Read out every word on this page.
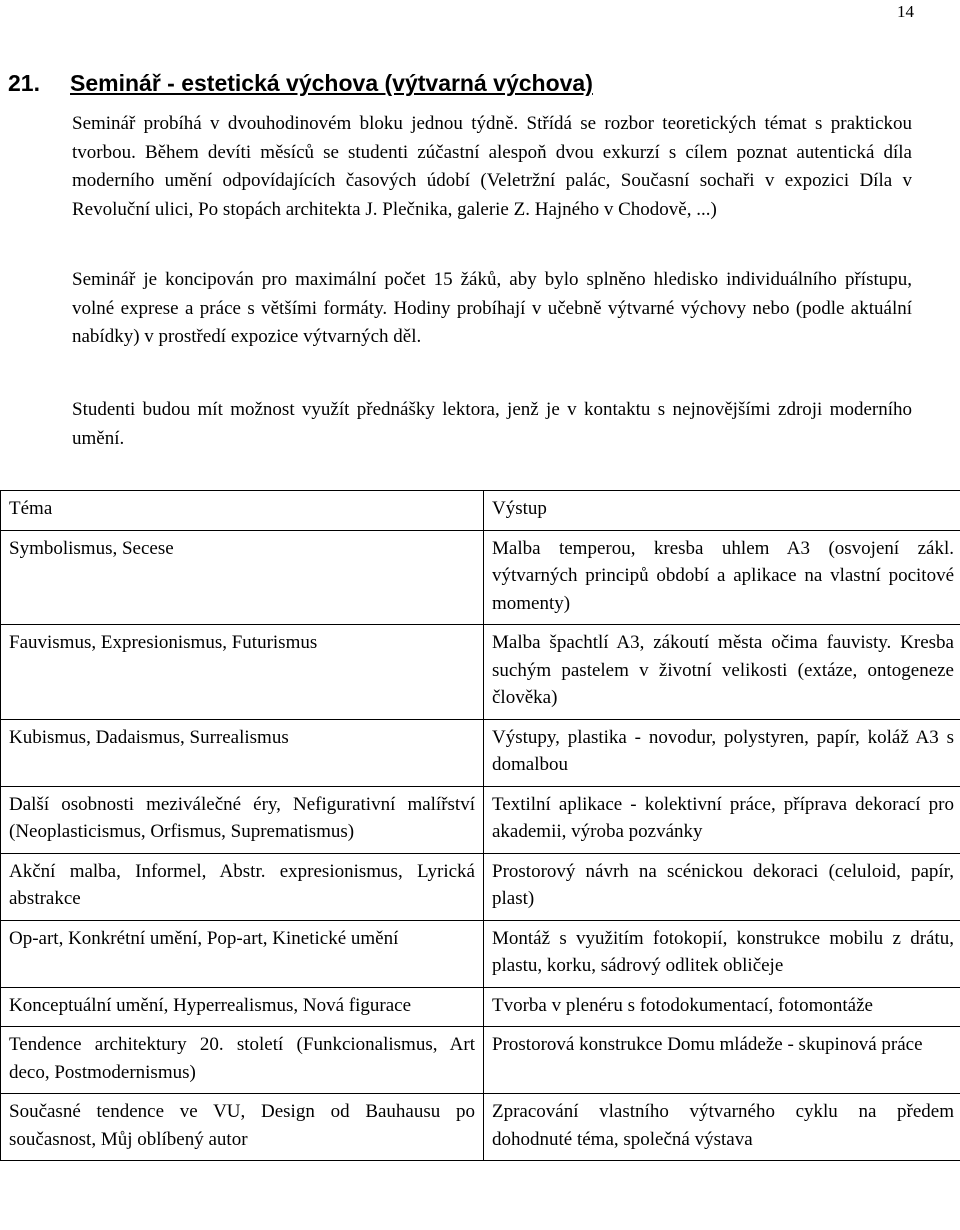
14
21. Seminář - estetická výchova (výtvarná výchova)

Seminář probíhá v dvouhodinovém bloku jednou týdně. Střídá se rozbor teoretických témat s praktickou tvorbou. Během devíti měsíců se studenti zúčastní alespoň dvou exkurzí s cílem poznat autentická díla moderního umění odpovídajících časových údobí (Veletržní palác, Současní sochaři v expozici Díla v Revoluční ulici, Po stopách architekta J. Plečnika, galerie Z. Hajného v Chodově, ...)

Seminář je koncipován pro maximální počet 15 žáků, aby bylo splněno hledisko individuálního přístupu, volné exprese a práce s většími formáty. Hodiny probíhají v učebně výtvarné výchovy nebo (podle aktuální nabídky) v prostředí expozice výtvarných děl.

Studenti budou mít možnost využít přednášky lektora, jenž je v kontaktu s nejnovějšími zdroji moderního umění.

Téma	Výstup
Symbolismus, Secese	Malba temperou, kresba uhlem A3 (osvojení zákl. výtvarných principů období a aplikace na vlastní pocitové momenty)
Fauvismus, Expresionismus, Futurismus	Malba špachtlí A3, zákoutí města očima fauvisty. Kresba suchým pastelem v životní velikosti (extáze, ontogeneze člověka)
Kubismus, Dadaismus, Surrealismus	Výstupy, plastika - novodur, polystyren, papír, koláž A3 s domalbou
Další osobnosti meziválečné éry, Nefigurativní malířství (Neoplasticismus, Orfismus, Suprematismus)	Textilní aplikace - kolektivní práce, příprava dekorací pro akademii, výroba pozvánky
Akční malba, Informel, Abstr. expresionismus, Lyrická abstrakce	Prostorový návrh na scénickou dekoraci (celuloid, papír, plast)
Op-art, Konkrétní umění, Pop-art, Kinetické umění	Montáž s využitím fotokopií, konstrukce mobilu z drátu, plastu, korku, sádrový odlitek obličeje
Konceptuální umění, Hyperrealismus, Nová figurace	Tvorba v plenéru s fotodokumentací, fotomontáže
Tendence architektury 20. století (Funkcionalismus, Art deco, Postmodernismus)	Prostorová konstrukce Domu mládeže - skupinová práce
Současné tendence ve VU, Design od Bauhausu po současnost, Můj oblíbený autor	Zpracování vlastního výtvarného cyklu na předem dohodnuté téma, společná výstava
